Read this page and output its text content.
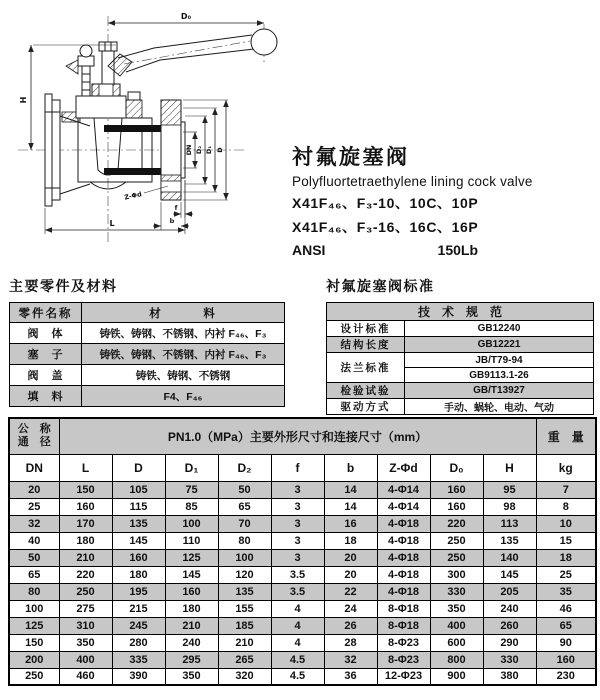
D₀
H
L
DN D₂ D₁ D
Z-Φd
f
b
衬氟旋塞阀
Polyfluortetraethylene lining cock valve
X41F₄₆、F₃-10、10C、10P
X41F₄₆、F₃-16、16C、16P
ANSI	150Lb
主要零件及材料
零件名称	材　　　料
阀　体	铸铁、铸钢、不锈钢、内衬 F₄₆、F₃
塞　子	铸铁、铸钢、不锈钢、内衬 F₄₆、F₃
阀　盖	铸铁、铸钢、不锈钢
填　料	F4、F₄₆
衬氟旋塞阀标准
技　术　规　范	
设计标准	GB12240
结构长度	GB12221
法兰标准	JB/T79-94
	GB9113.1-26
检验试验	GB/T13927
驱动方式	手动、蜗轮、电动、气动
公　称
通　径	PN1.0（MPa）主要外形尺寸和连接尺寸（mm）									重　量
DN	L	D	D₁	D₂	f	b	Z-Φd	D₀	H	kg
20	150	105	75	50	3	14	4-Φ14	160	95	7
25	160	115	85	65	3	14	4-Φ14	160	98	8
32	170	135	100	70	3	16	4-Φ18	220	113	10
40	180	145	110	80	3	18	4-Φ18	250	135	15
50	210	160	125	100	3	20	4-Φ18	250	140	18
65	220	180	145	120	3.5	20	4-Φ18	300	145	25
80	250	195	160	135	3.5	22	4-Φ18	330	205	35
100	275	215	180	155	4	24	8-Φ18	350	240	46
125	310	245	210	185	4	26	8-Φ18	400	260	65
150	350	280	240	210	4	28	8-Φ23	600	290	90
200	400	335	295	265	4.5	32	8-Φ23	800	330	160
250	460	390	350	320	4.5	36	12-Φ23	900	380	230
